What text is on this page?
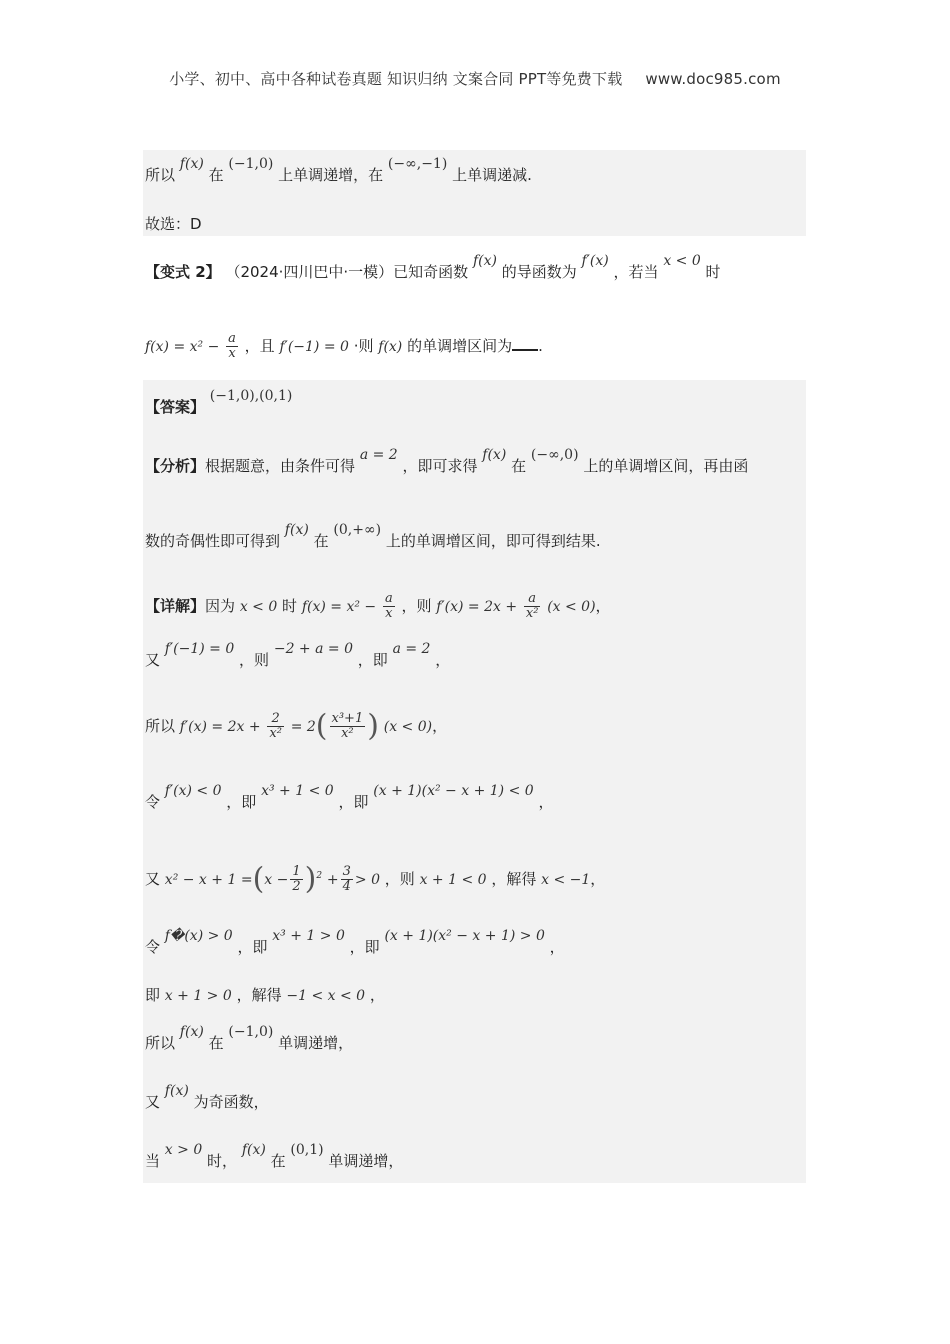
小学、初中、高中各种试卷真题 知识归纳 文案合同 PPT等免费下载 www.doc985.com
所以 f(x) 在 (−1,0) 上单调递增，在 (−∞,−1) 上单调递减.
故选：D
【变式 2】 （2024·四川巴中·一模）已知奇函数 f(x) 的导函数为 f′(x) ，若当 x < 0 时
$f(x) = x^2 - \frac{a}{x}$ ，且 f′(−1) = 0 ·则 f(x) 的单调增区间为 .
【答案】 (−1,0),(0,1)
【分析】根据题意，由条件可得 a = 2 ，即可求得 f(x) 在 (−∞,0) 上的单调增区间，再由函
数的奇偶性即可得到 f(x) 在 (0,+∞) 上的单调增区间，即可得到结果.
【详解】因为 x < 0 时 $f(x) = x^2 - \frac{a}{x}$ ，则 $f'(x) = 2x + \frac{a}{\text{x²}} (x < 0)$，
又 f′(−1) = 0 ，则 −2 + a = 0 ，即 a = 2 ，
所以 $f'(x) = 2x + \frac{2}{\text{x²}} = 2( \frac{\text{x³+1}}{\text{x²}}$ ) (x < 0)，
令 f′(x) < 0 ，即 x³ + 1 < 0 ，即 (x + 1)(x² − x + 1) < 0 ，
又 $x^2 - x + 1 =(x - \frac{1}{2} )^2 + \frac{3}{4} > 0$ ，则 x + 1 < 0 ，解得 x < −1，
令 f�(x) > 0 ，即 x³ + 1 > 0 ，即 (x + 1)(x² − x + 1) > 0 ，
即 x + 1 > 0 ，解得 −1 < x < 0 ，
所以 f(x) 在 (−1,0) 单调递增，
又 f(x) 为奇函数，
当 x > 0 时， f(x) 在 (0,1) 单调递增，
